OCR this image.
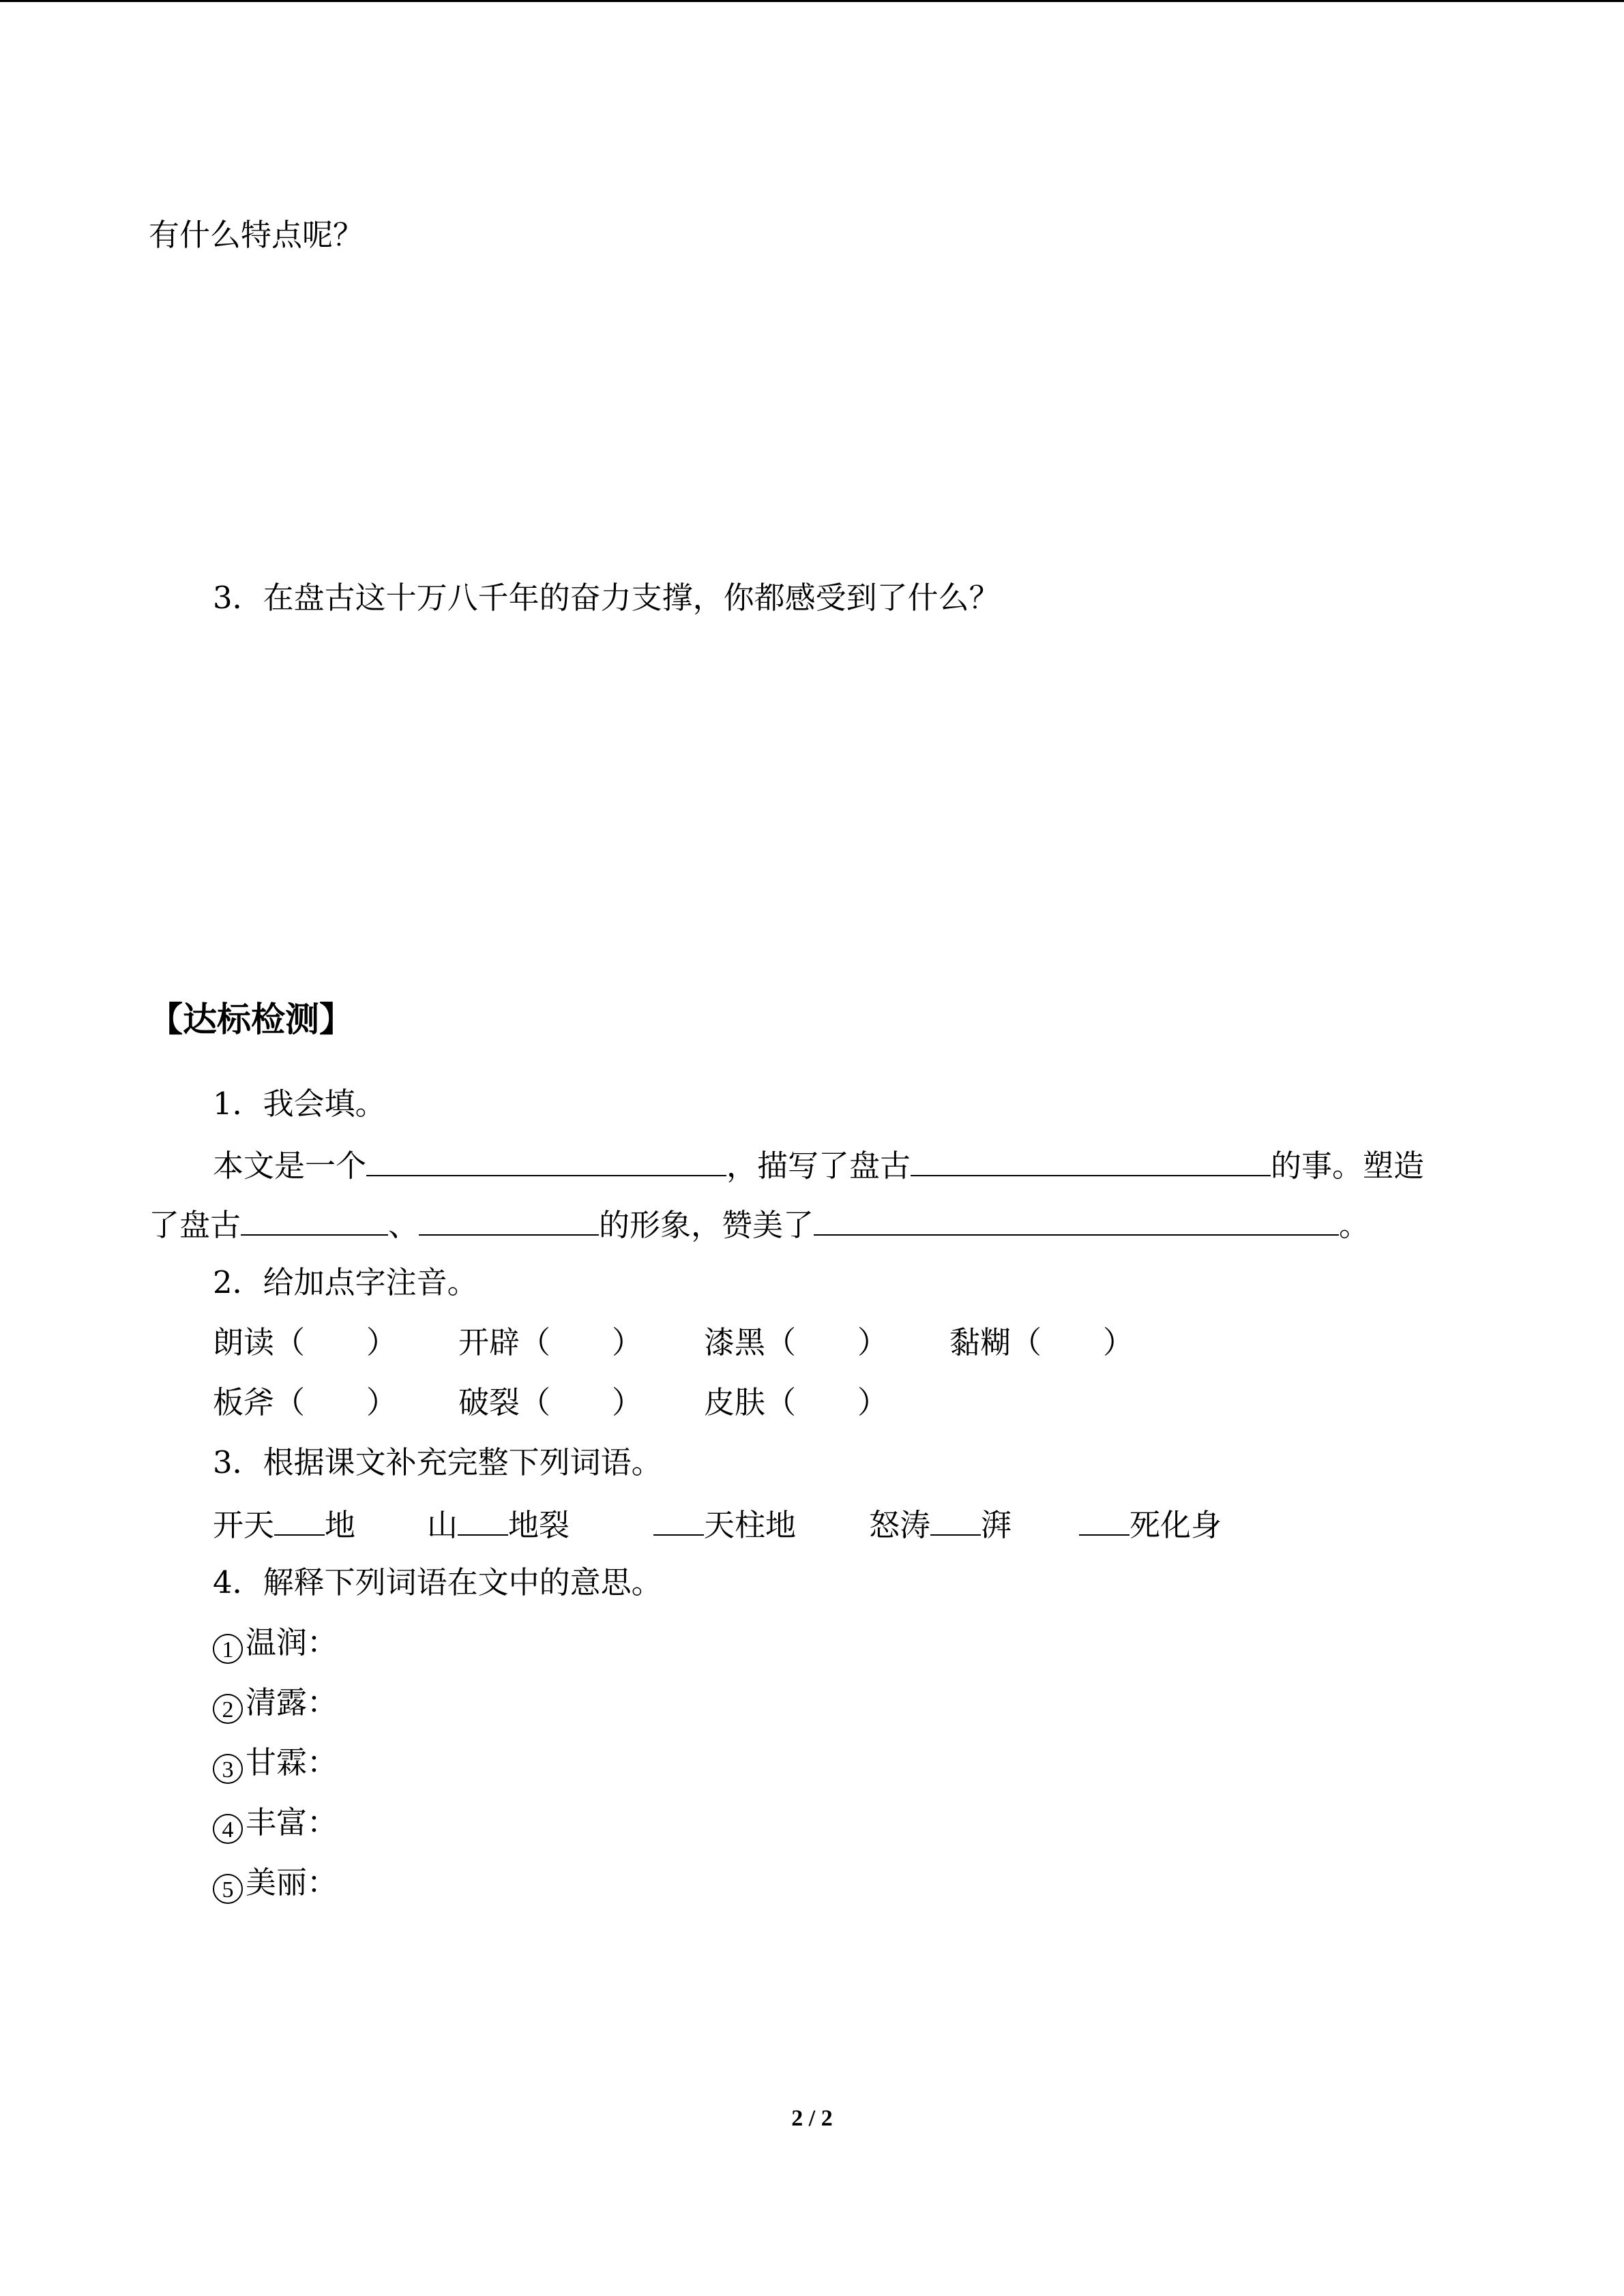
有什么特点呢？
3．在盘古这十万八千年的奋力支撑，你都感受到了什么？
【达标检测】
1．我会填。
本文是一个	，描写了盘古	的事。塑造
了盘古	、	的形象，赞美了	。
2．给加点字注音。
朗读（　　） 开辟（　　） 漆黑（　　） 黏糊（　　）
板斧（　　） 破裂（　　） 皮肤（　　）
3．根据课文补充完整下列词语。
开天 地 山 地裂	天柱地 怒涛 湃	死化身
4．解释下列词语在文中的意思。
1 温润：
2 清露：
3 甘霖：
4 丰富：
5 美丽：
2 / 2
